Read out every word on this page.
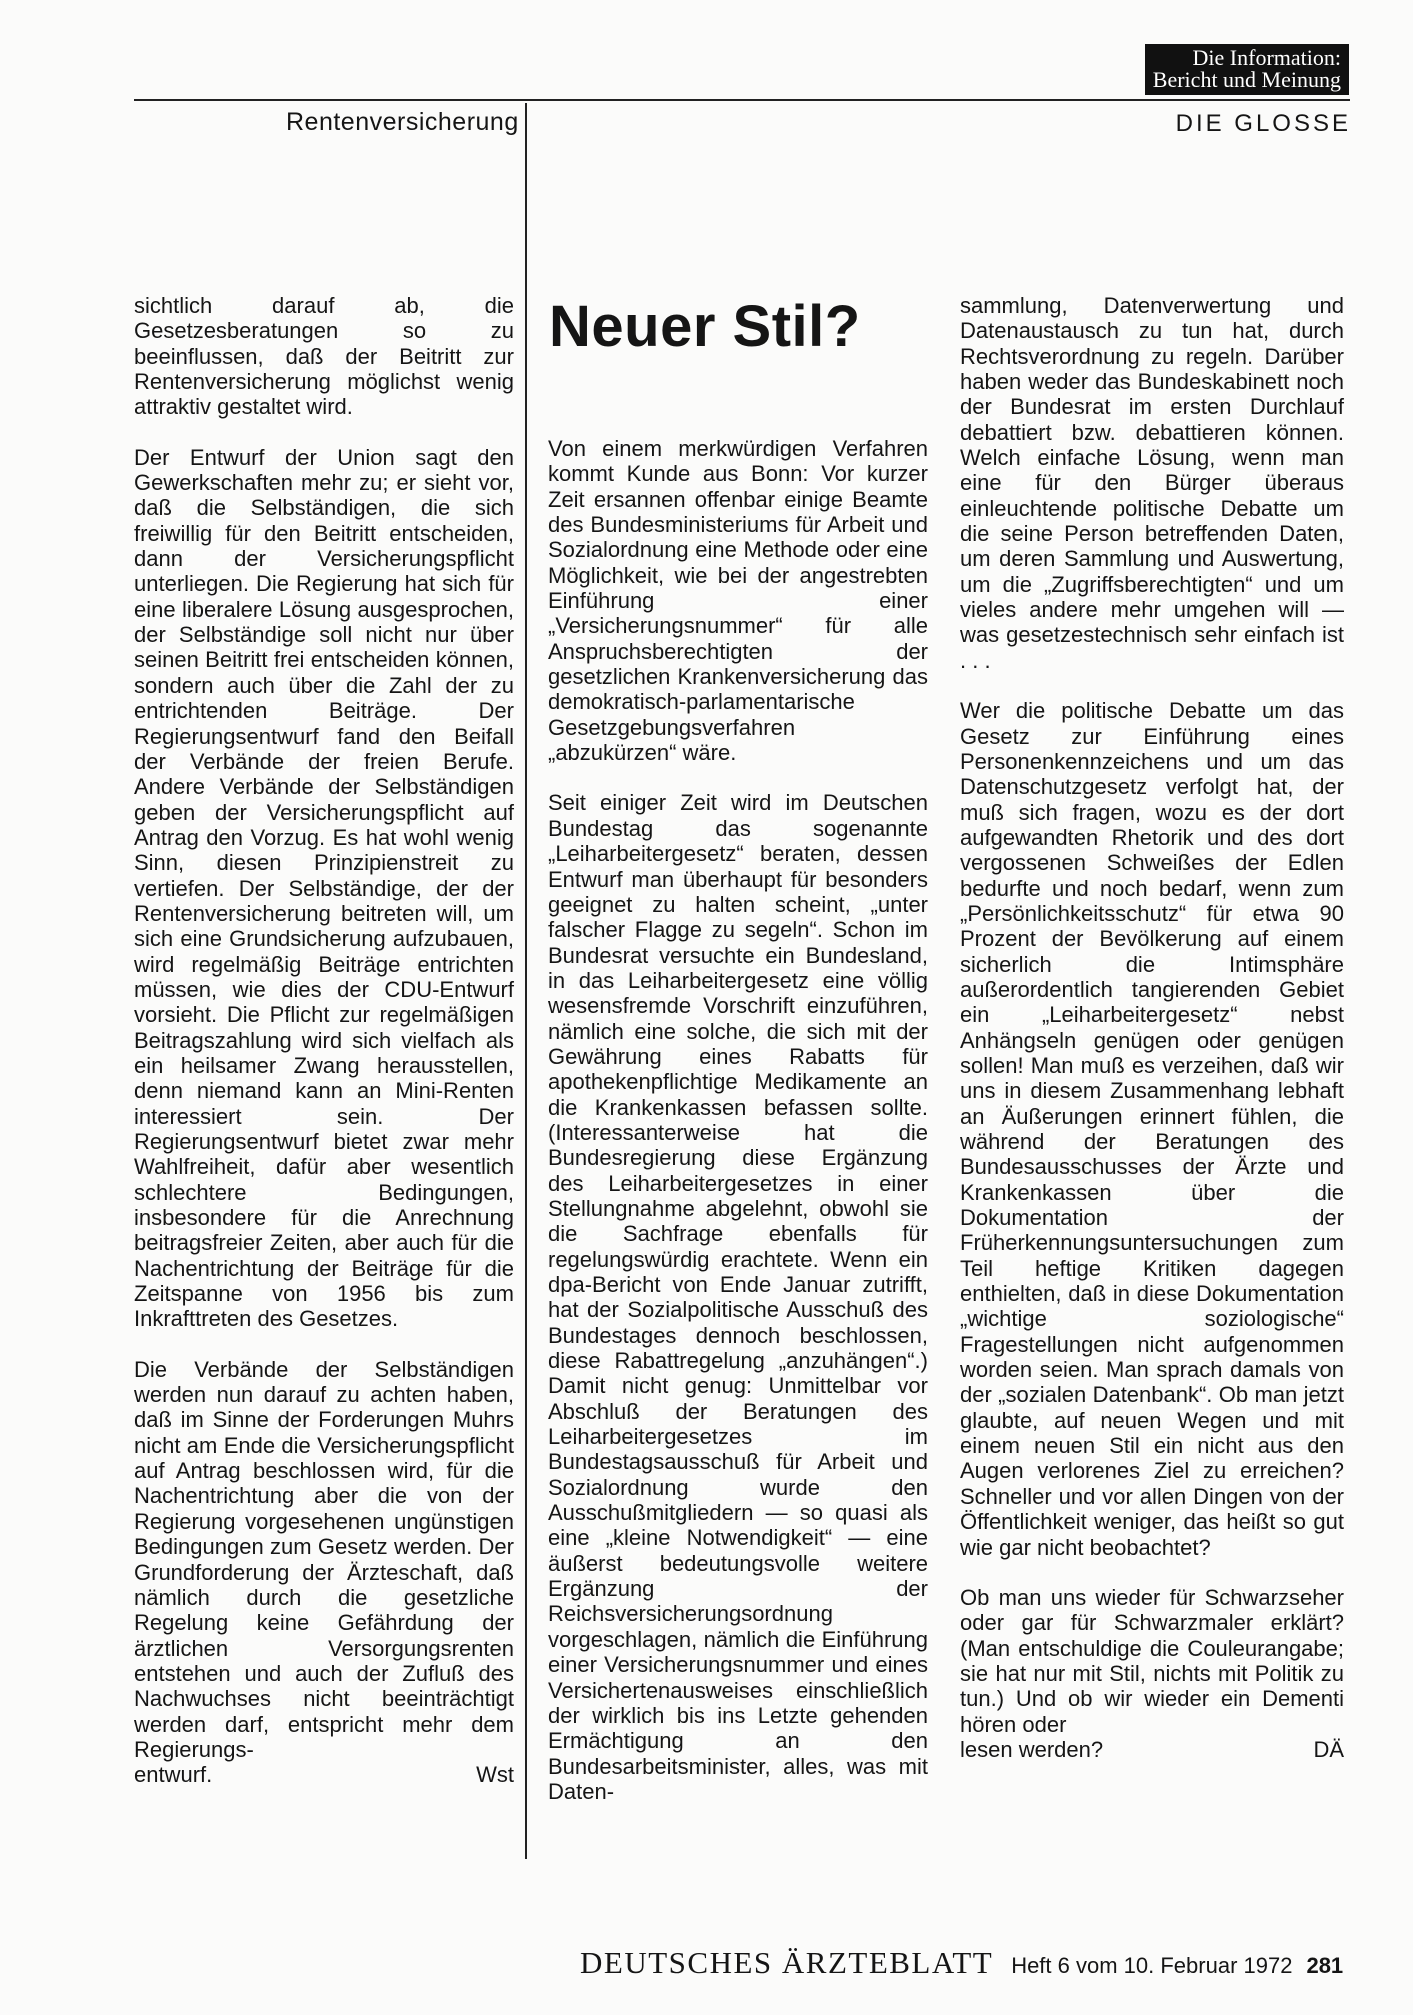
Die Information:
Bericht und Meinung
Rentenversicherung	DIE GLOSSE

sichtlich darauf ab, die Gesetzesberatungen so zu beeinflussen, daß der Beitritt zur Rentenversicherung möglichst wenig attraktiv gestaltet wird.

Der Entwurf der Union sagt den Gewerkschaften mehr zu; er sieht vor, daß die Selbständigen, die sich freiwillig für den Beitritt entscheiden, dann der Versicherungspflicht unterliegen. Die Regierung hat sich für eine liberalere Lösung ausgesprochen, der Selbständige soll nicht nur über seinen Beitritt frei entscheiden können, sondern auch über die Zahl der zu entrichtenden Beiträge. Der Regierungsentwurf fand den Beifall der Verbände der freien Berufe. Andere Verbände der Selbständigen geben der Versicherungspflicht auf Antrag den Vorzug. Es hat wohl wenig Sinn, diesen Prinzipienstreit zu vertiefen. Der Selbständige, der der Rentenversicherung beitreten will, um sich eine Grundsicherung aufzubauen, wird regelmäßig Beiträge entrichten müssen, wie dies der CDU-Entwurf vorsieht. Die Pflicht zur regelmäßigen Beitragszahlung wird sich vielfach als ein heilsamer Zwang herausstellen, denn niemand kann an Mini-Renten interessiert sein. Der Regierungsentwurf bietet zwar mehr Wahlfreiheit, dafür aber wesentlich schlechtere Bedingungen, insbesondere für die Anrechnung beitragsfreier Zeiten, aber auch für die Nachentrichtung der Beiträge für die Zeitspanne von 1956 bis zum Inkrafttreten des Gesetzes.

Die Verbände der Selbständigen werden nun darauf zu achten haben, daß im Sinne der Forderungen Muhrs nicht am Ende die Versicherungspflicht auf Antrag beschlossen wird, für die Nachentrichtung aber die von der Regierung vorgesehenen ungünstigen Bedingungen zum Gesetz werden. Der Grundforderung der Ärzteschaft, daß nämlich durch die gesetzliche Regelung keine Gefährdung der ärztlichen Versorgungsrenten entstehen und auch der Zufluß des Nachwuchses nicht beeinträchtigt werden darf, entspricht mehr dem Regierungs-

entwurf.	Wst
Neuer Stil?

Von einem merkwürdigen Verfahren kommt Kunde aus Bonn: Vor kurzer Zeit ersannen offenbar einige Beamte des Bundesministeriums für Arbeit und Sozialordnung eine Methode oder eine Möglichkeit, wie bei der angestrebten Einführung einer „Versicherungsnummer“ für alle Anspruchsberechtigten der gesetzlichen Krankenversicherung das demokratisch-parlamentarische Gesetzgebungsverfahren „abzukürzen“ wäre.

Seit einiger Zeit wird im Deutschen Bundestag das sogenannte „Leiharbeitergesetz“ beraten, dessen Entwurf man überhaupt für besonders geeignet zu halten scheint, „unter falscher Flagge zu segeln“. Schon im Bundesrat versuchte ein Bundesland, in das Leiharbeitergesetz eine völlig wesensfremde Vorschrift einzuführen, nämlich eine solche, die sich mit der Gewährung eines Rabatts für apothekenpflichtige Medikamente an die Krankenkassen befassen sollte. (Interessanterweise hat die Bundesregierung diese Ergänzung des Leiharbeitergesetzes in einer Stellungnahme abgelehnt, obwohl sie die Sachfrage ebenfalls für regelungswürdig erachtete. Wenn ein dpa-Bericht von Ende Januar zutrifft, hat der Sozialpolitische Ausschuß des Bundestages dennoch beschlossen, diese Rabattregelung „anzuhängen“.) Damit nicht genug: Unmittelbar vor Abschluß der Beratungen des Leiharbeitergesetzes im Bundestagsausschuß für Arbeit und Sozialordnung wurde den Ausschußmitgliedern — so quasi als eine „kleine Notwendigkeit“ — eine äußerst bedeutungsvolle weitere Ergänzung der Reichsversicherungsordnung vorgeschlagen, nämlich die Einführung einer Versicherungsnummer und eines Versichertenausweises einschließlich der wirklich bis ins Letzte gehenden Ermächtigung an den Bundesarbeitsminister, alles, was mit Daten-

sammlung, Datenverwertung und Datenaustausch zu tun hat, durch Rechtsverordnung zu regeln. Darüber haben weder das Bundeskabinett noch der Bundesrat im ersten Durchlauf debattiert bzw. debattieren können. Welch einfache Lösung, wenn man eine für den Bürger überaus einleuchtende politische Debatte um die seine Person betreffenden Daten, um deren Sammlung und Auswertung, um die „Zugriffsberechtigten“ und um vieles andere mehr umgehen will — was gesetzestechnisch sehr einfach ist . . .

Wer die politische Debatte um das Gesetz zur Einführung eines Personenkennzeichens und um das Datenschutzgesetz verfolgt hat, der muß sich fragen, wozu es der dort aufgewandten Rhetorik und des dort vergossenen Schweißes der Edlen bedurfte und noch bedarf, wenn zum „Persönlichkeitsschutz“ für etwa 90 Prozent der Bevölkerung auf einem sicherlich die Intimsphäre außerordentlich tangierenden Gebiet ein „Leiharbeitergesetz“ nebst Anhängseln genügen oder genügen sollen! Man muß es verzeihen, daß wir uns in diesem Zusammenhang lebhaft an Äußerungen erinnert fühlen, die während der Beratungen des Bundesausschusses der Ärzte und Krankenkassen über die Dokumentation der Früherkennungsuntersuchungen zum Teil heftige Kritiken dagegen enthielten, daß in diese Dokumentation „wichtige soziologische“ Fragestellungen nicht aufgenommen worden seien. Man sprach damals von der „sozialen Datenbank“. Ob man jetzt glaubte, auf neuen Wegen und mit einem neuen Stil ein nicht aus den Augen verlorenes Ziel zu erreichen? Schneller und vor allen Dingen von der Öffentlichkeit weniger, das heißt so gut wie gar nicht beobachtet?

Ob man uns wieder für Schwarzseher oder gar für Schwarzmaler erklärt? (Man entschuldige die Couleurangabe; sie hat nur mit Stil, nichts mit Politik zu tun.) Und ob wir wieder ein Dementi hören oder

lesen werden?	DÄ
DEUTSCHES ÄRZTEBLATT Heft 6 vom 10. Februar 1972 281
